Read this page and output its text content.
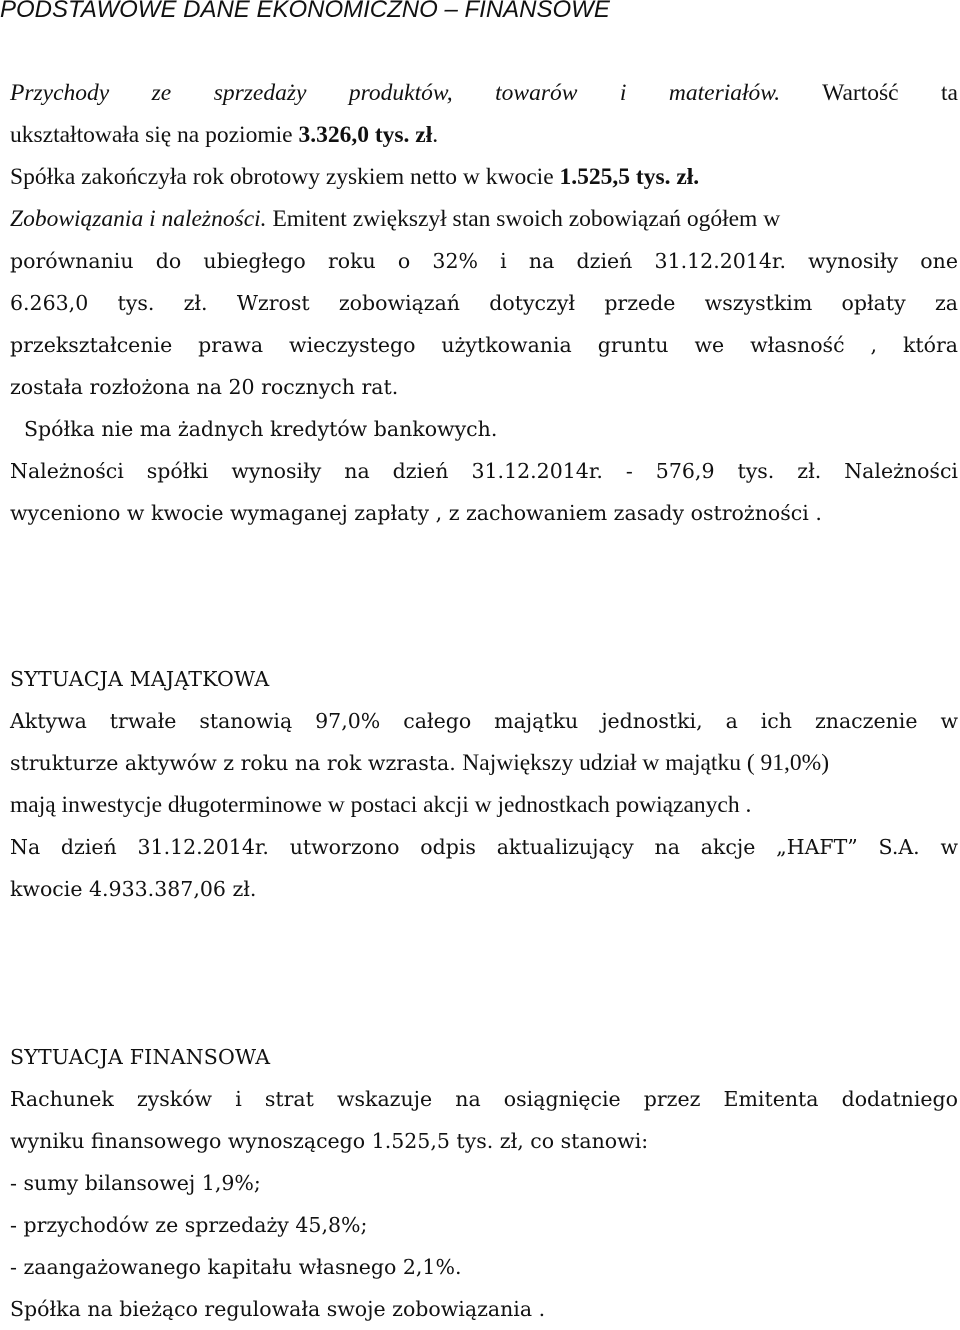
PODSTAWOWE DANE EKONOMICZNO – FINANSOWE

Przychody ze sprzedaży produktów, towarów i materiałów. Wartość ta

ukształtowała się na poziomie 3.326,0 tys. zł.

Spółka zakończyła rok obrotowy zyskiem netto w kwocie 1.525,5 tys. zł.

Zobowiązania i należności. Emitent zwiększył stan swoich zobowiązań ogółem w

porównaniu do ubiegłego roku o 32% i na dzień 31.12.2014r. wynosiły one

6.263,0 tys. zł. Wzrost zobowiązań dotyczył przede wszystkim opłaty za

przekształcenie prawa wieczystego użytkowania gruntu we własność , która

została rozłożona na 20 rocznych rat.

Spółka nie ma żadnych kredytów bankowych.

Należności spółki wynosiły na dzień 31.12.2014r. - 576,9 tys. zł. Należności

wyceniono w kwocie wymaganej zapłaty , z zachowaniem zasady ostrożności .

SYTUACJA MAJĄTKOWA

Aktywa trwałe stanowią 97,0% całego majątku jednostki, a ich znaczenie w

strukturze aktywów z roku na rok wzrasta. Największy udział w majątku ( 91,0%)

mają inwestycje długoterminowe w postaci akcji w jednostkach powiązanych .

Na dzień 31.12.2014r. utworzono odpis aktualizujący na akcje „HAFT” S.A. w

kwocie 4.933.387,06 zł.

SYTUACJA FINANSOWA

Rachunek zysków i strat wskazuje na osiągnięcie przez Emitenta dodatniego

wyniku finansowego wynoszącego 1.525,5 tys. zł, co stanowi:

- sumy bilansowej 1,9%;

- przychodów ze sprzedaży 45,8%;

- zaangażowanego kapitału własnego 2,1%.

Spółka na bieżąco regulowała swoje zobowiązania .
